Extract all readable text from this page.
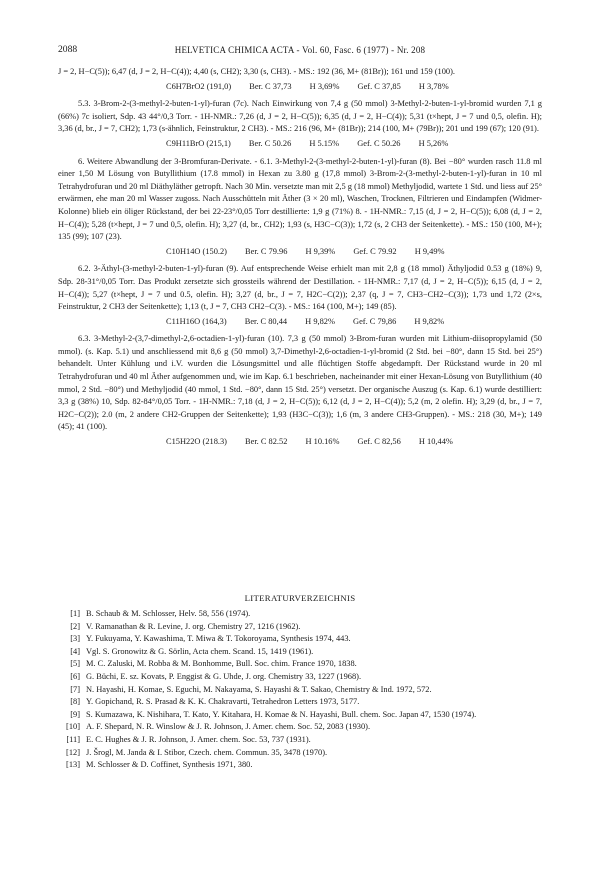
2088	HELVETICA CHIMICA ACTA - Vol. 60, Fasc. 6 (1977) - Nr. 208

J = 2, H−C(5)); 6,47 (d, J = 2, H−C(4)); 4,40 (s, CH2); 3,30 (s, CH3). - MS.: 192 (36, M+ (81Br)); 161 und 159 (100).

C6H7BrO2 (191,0) Ber. C 37,73 H 3,69% Gef. C 37,85 H 3,78%

5.3. 3-Brom-2-(3-methyl-2-buten-1-yl)-furan (7c). Nach Einwirkung von 7,4 g (50 mmol) 3-Methyl-2-buten-1-yl-bromid wurden 7,1 g (66%) 7c isoliert, Sdp. 43 44°/0,3 Torr. - 1H-NMR.: 7,26 (d, J = 2, H−C(5)); 6,35 (d, J = 2, H−C(4)); 5,31 (t×hept, J = 7 und 0,5, olefin. H); 3,36 (d, br., J = 7, CH2); 1,73 (s-ähnlich, Feinstruktur, 2 CH3). - MS.: 216 (96, M+ (81Br)); 214 (100, M+ (79Br)); 201 und 199 (67); 120 (91).

C9H11BrO (215,1) Ber. C 50.26 H 5.15% Gef. C 50.26 H 5,26%

6. Weitere Abwandlung der 3-Bromfuran-Derivate. - 6.1. 3-Methyl-2-(3-methyl-2-buten-1-yl)-furan (8). Bei −80° wurden rasch 11.8 ml einer 1,50 M Lösung von Butyllithium (17.8 mmol) in Hexan zu 3.80 g (17,8 mmol) 3-Brom-2-(3-methyl-2-buten-1-yl)-furan in 10 ml Tetrahydrofuran und 20 ml Diäthyläther getropft. Nach 30 Min. versetzte man mit 2,5 g (18 mmol) Methyljodid, wartete 1 Std. und liess auf 25° erwärmen, ehe man 20 ml Wasser zugoss. Nach Ausschütteln mit Äther (3 × 20 ml), Waschen, Trocknen, Filtrieren und Eindampfen (Widmer-Kolonne) blieb ein öliger Rückstand, der bei 22-23°/0,05 Torr destillierte: 1,9 g (71%) 8. - 1H-NMR.: 7,15 (d, J = 2, H−C(5)); 6,08 (d, J = 2, H−C(4)); 5,28 (t×hept, J = 7 und 0,5, olefin. H); 3,27 (d, br., CH2); 1,93 (s, H3C−C(3)); 1,72 (s, 2 CH3 der Seitenkette). - MS.: 150 (100, M+); 135 (99); 107 (23).

C10H14O (150.2) Ber. C 79.96 H 9,39% Gef. C 79.92 H 9,49%

6.2. 3-Äthyl-(3-methyl-2-buten-1-yl)-furan (9). Auf entsprechende Weise erhielt man mit 2,8 g (18 mmol) Äthyljodid 0.53 g (18%) 9, Sdp. 28-31°/0,05 Torr. Das Produkt zersetzte sich grossteils während der Destillation. - 1H-NMR.: 7,17 (d, J = 2, H−C(5)); 6,15 (d, J = 2, H−C(4)); 5,27 (t×hept, J = 7 und 0.5, olefin. H); 3,27 (d, br., J = 7, H2C−C(2)); 2,37 (q, J = 7, CH3−CH2−C(3)); 1,73 und 1,72 (2×s, Feinstruktur, 2 CH3 der Seitenkette); 1,13 (t, J = 7, CH3 CH2−C(3). - MS.: 164 (100, M+); 149 (85).

C11H16O (164,3) Ber. C 80,44 H 9,82% Gef. C 79,86 H 9,82%

6.3. 3-Methyl-2-(3,7-dimethyl-2,6-octadien-1-yl)-furan (10). 7,3 g (50 mmol) 3-Brom-furan wurden mit Lithium-diisopropylamid (50 mmol). (s. Kap. 5.1) und anschliessend mit 8,6 g (50 mmol) 3,7-Dimethyl-2,6-octadien-1-yl-bromid (2 Std. bei −80°, dann 15 Std. bei 25°) behandelt. Unter Kühlung und i.V. wurden die Lösungsmittel und alle flüchtigen Stoffe abgedampft. Der Rückstand wurde in 20 ml Tetrahydrofuran und 40 ml Äther aufgenommen und, wie im Kap. 6.1 beschrieben, nacheinander mit einer Hexan-Lösung von Butyllithium (40 mmol, 2 Std. −80°) und Methyljodid (40 mmol, 1 Std. −80°, dann 15 Std. 25°) versetzt. Der organische Auszug (s. Kap. 6.1) wurde destilliert: 3,3 g (38%) 10, Sdp. 82-84°/0,05 Torr. - 1H-NMR.: 7,18 (d, J = 2, H−C(5)); 6,12 (d, J = 2, H−C(4)); 5,2 (m, 2 olefin. H); 3,29 (d, br., J = 7, H2C−C(2)); 2.0 (m, 2 andere CH2-Gruppen der Seitenkette); 1,93 (H3C−C(3)); 1,6 (m, 3 andere CH3-Gruppen). - MS.: 218 (30, M+); 149 (45); 41 (100).

C15H22O (218.3) Ber. C 82.52 H 10.16% Gef. C 82,56 H 10,44%
LITERATURVERZEICHNIS
[1] B. Schaub & M. Schlosser, Helv. 58, 556 (1974).
[2] V. Ramanathan & R. Levine, J. org. Chemistry 27, 1216 (1962).
[3] Y. Fukuyama, Y. Kawashima, T. Miwa & T. Tokoroyama, Synthesis 1974, 443.
[4] Vgl. S. Gronowitz & G. Sörlin, Acta chem. Scand. 15, 1419 (1961).
[5] M. C. Zaluski, M. Robba & M. Bonhomme, Bull. Soc. chim. France 1970, 1838.
[6] G. Büchi, E. sz. Kovats, P. Enggist & G. Uhde, J. org. Chemistry 33, 1227 (1968).
[7] N. Hayashi, H. Komae, S. Eguchi, M. Nakayama, S. Hayashi & T. Sakao, Chemistry & Ind. 1972, 572.
[8] Y. Gopichand, R. S. Prasad & K. K. Chakravarti, Tetrahedron Letters 1973, 5177.
[9] S. Kumazawa, K. Nishihara, T. Kato, Y. Kitahara, H. Komae & N. Hayashi, Bull. chem. Soc. Japan 47, 1530 (1974).
[10] A. F. Shepard, N. R. Winslow & J. R. Johnson, J. Amer. chem. Soc. 52, 2083 (1930).
[11] E. C. Hughes & J. R. Johnson, J. Amer. chem. Soc. 53, 737 (1931).
[12] J. Šrogl, M. Janda & I. Stibor, Czech. chem. Commun. 35, 3478 (1970).
[13] M. Schlosser & D. Coffinet, Synthesis 1971, 380.
